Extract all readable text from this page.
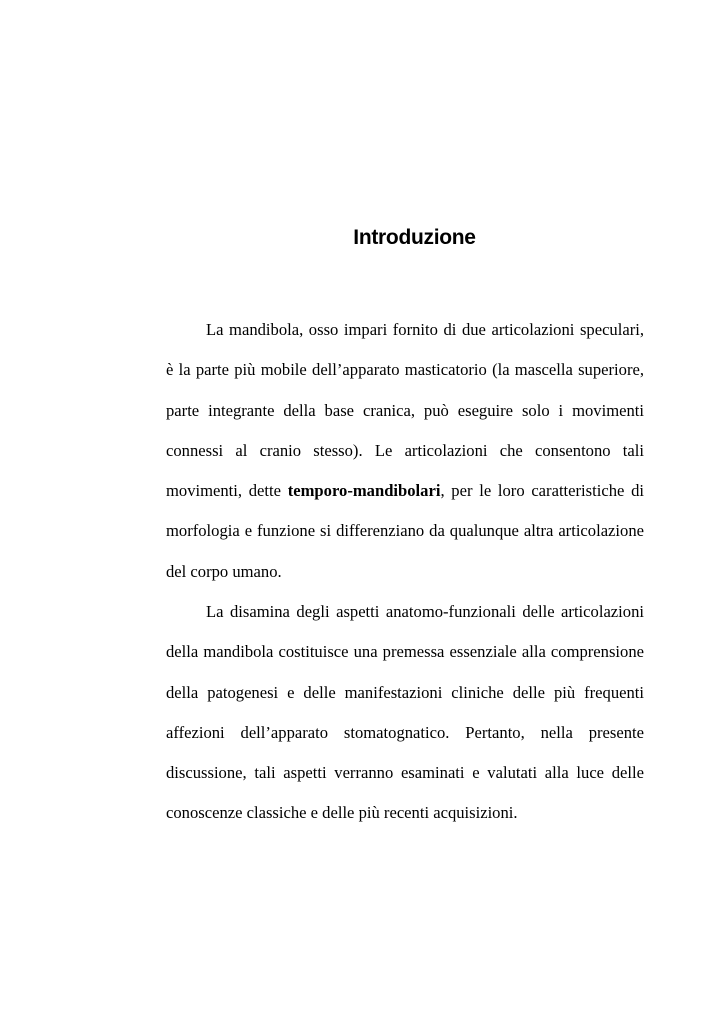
Introduzione

La mandibola, osso impari fornito di due articolazioni speculari, è la parte più mobile dell’apparato masticatorio (la mascella superiore, parte integrante della base cranica, può eseguire solo i movimenti connessi al cranio stesso). Le articolazioni che consentono tali movimenti, dette temporo-mandibolari, per le loro caratteristiche di morfologia e funzione si differenziano da qualunque altra articolazione del corpo umano.

La disamina degli aspetti anatomo-funzionali delle articolazioni della mandibola costituisce una premessa essenziale alla comprensione della patogenesi e delle manifestazioni cliniche delle più frequenti affezioni dell’apparato stomatognatico. Pertanto, nella presente discussione, tali aspetti verranno esaminati e valutati alla luce delle conoscenze classiche e delle più recenti acquisizioni.
